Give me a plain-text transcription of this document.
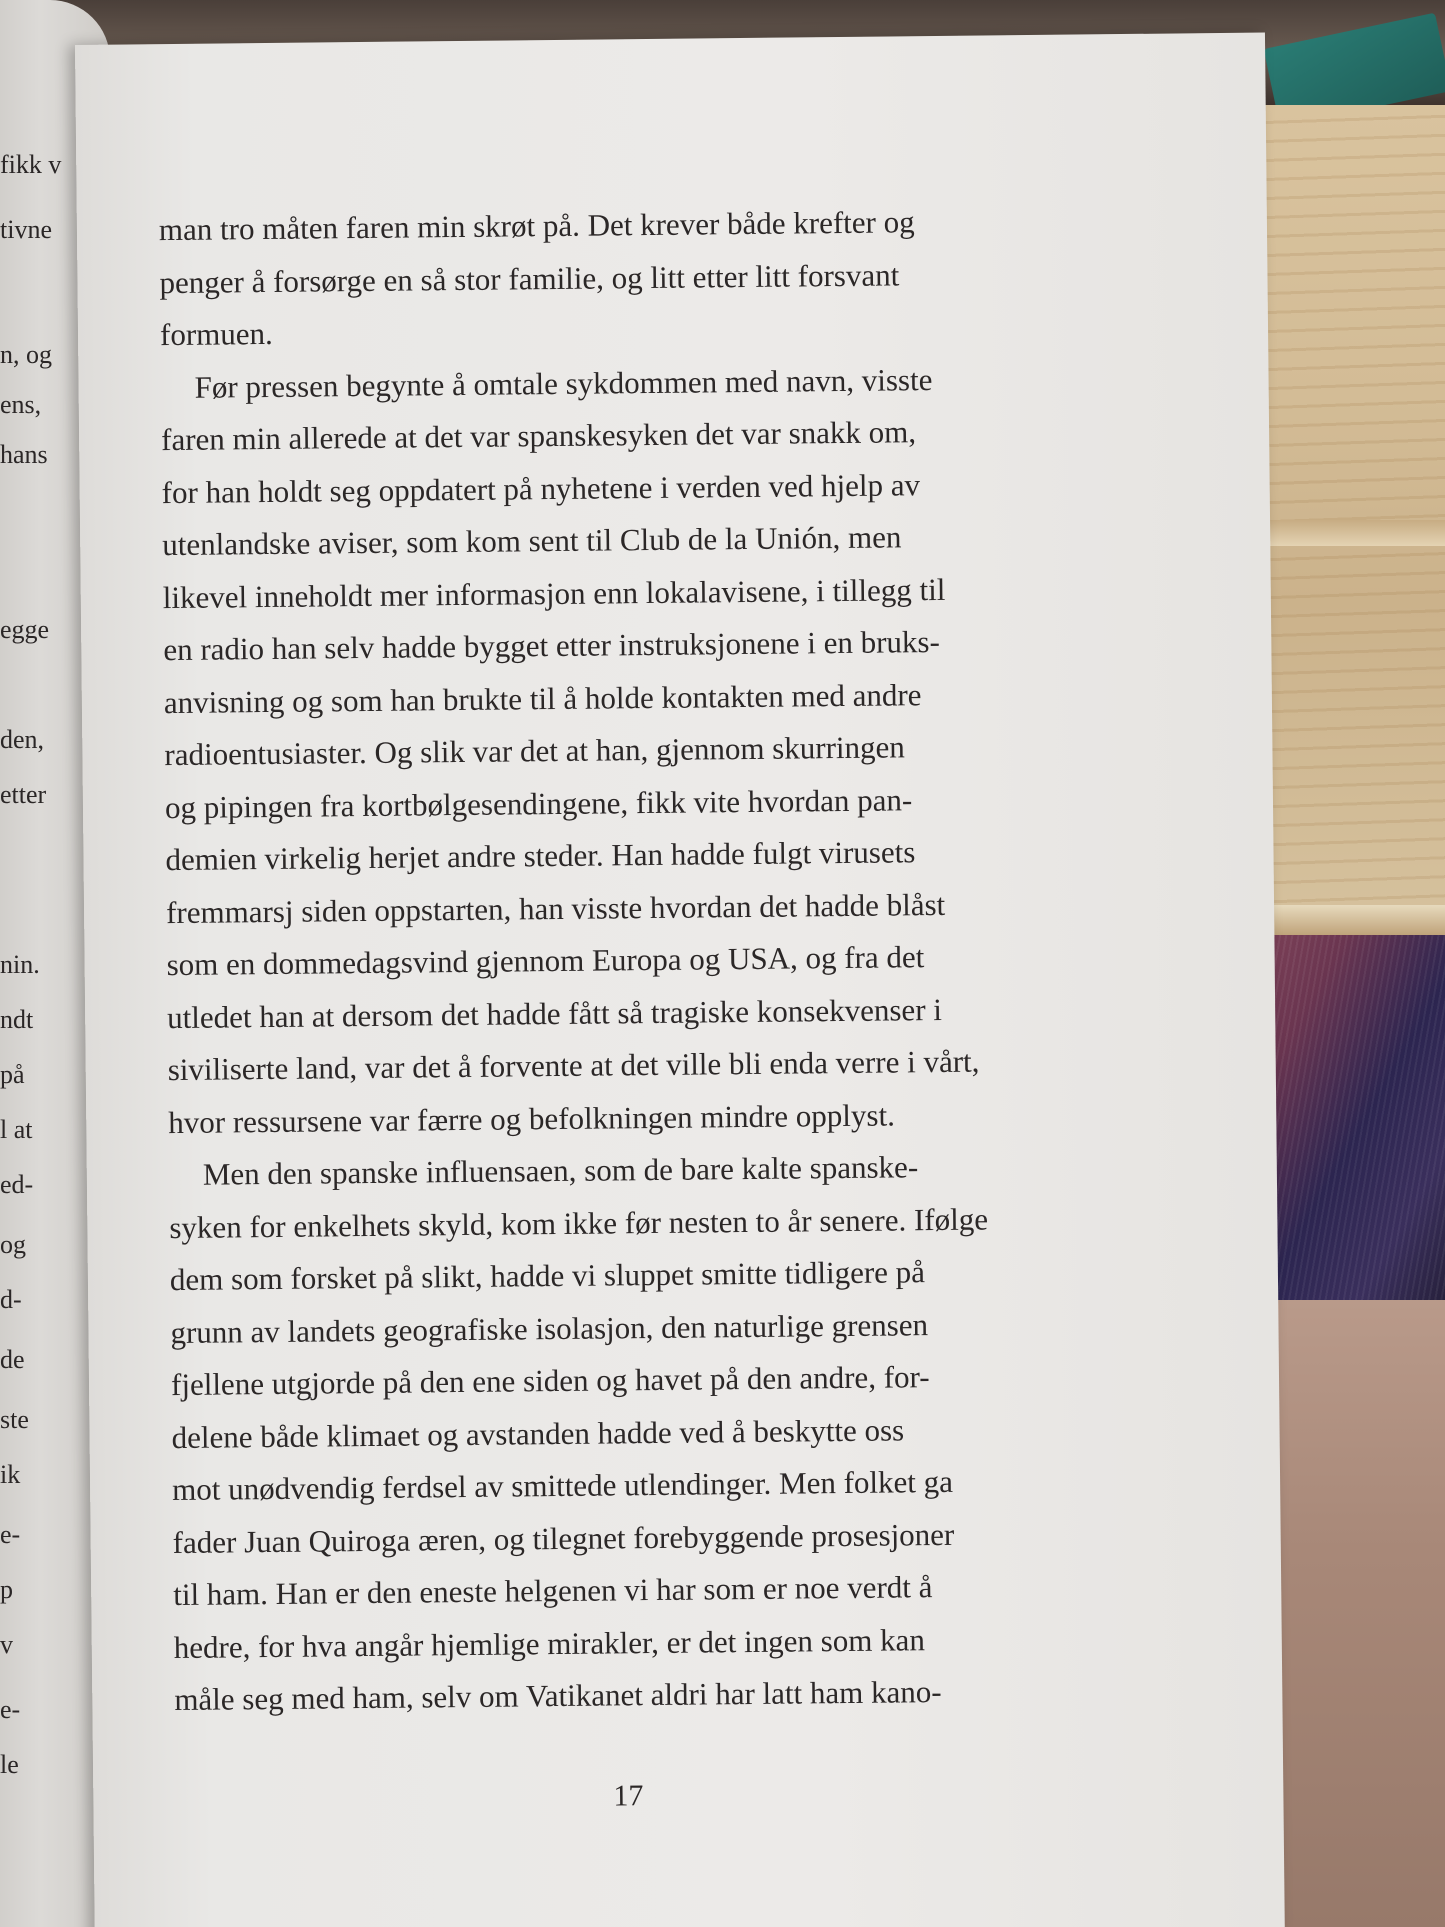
fikk v
tivne
n, og
ens,
hans
egge
den,
etter
nin.
ndt
på
l at
ed-
og
d-
de
ste
ik
e-
p
v
e-
le
man tro måten faren min skrøt på. Det krever både krefter og
penger å forsørge en så stor familie, og litt etter litt forsvant
formuen.
Før pressen begynte å omtale sykdommen med navn, visste
faren min allerede at det var spanskesyken det var snakk om,
for han holdt seg oppdatert på nyhetene i verden ved hjelp av
utenlandske aviser, som kom sent til Club de la Unión, men
likevel inneholdt mer informasjon enn lokalavisene, i tillegg til
en radio han selv hadde bygget etter instruksjonene i en bruks-
anvisning og som han brukte til å holde kontakten med andre
radioentusiaster. Og slik var det at han, gjennom skurringen
og pipingen fra kortbølgesendingene, fikk vite hvordan pan-
demien virkelig herjet andre steder. Han hadde fulgt virusets
fremmarsj siden oppstarten, han visste hvordan det hadde blåst
som en dommedagsvind gjennom Europa og USA, og fra det
utledet han at dersom det hadde fått så tragiske konsekvenser i
siviliserte land, var det å forvente at det ville bli enda verre i vårt,
hvor ressursene var færre og befolkningen mindre opplyst.
Men den spanske influensaen, som de bare kalte spanske-
syken for enkelhets skyld, kom ikke før nesten to år senere. Ifølge
dem som forsket på slikt, hadde vi sluppet smitte tidligere på
grunn av landets geografiske isolasjon, den naturlige grensen
fjellene utgjorde på den ene siden og havet på den andre, for-
delene både klimaet og avstanden hadde ved å beskytte oss
mot unødvendig ferdsel av smittede utlendinger. Men folket ga
fader Juan Quiroga æren, og tilegnet forebyggende prosesjoner
til ham. Han er den eneste helgenen vi har som er noe verdt å
hedre, for hva angår hjemlige mirakler, er det ingen som kan
måle seg med ham, selv om Vatikanet aldri har latt ham kano-
17
